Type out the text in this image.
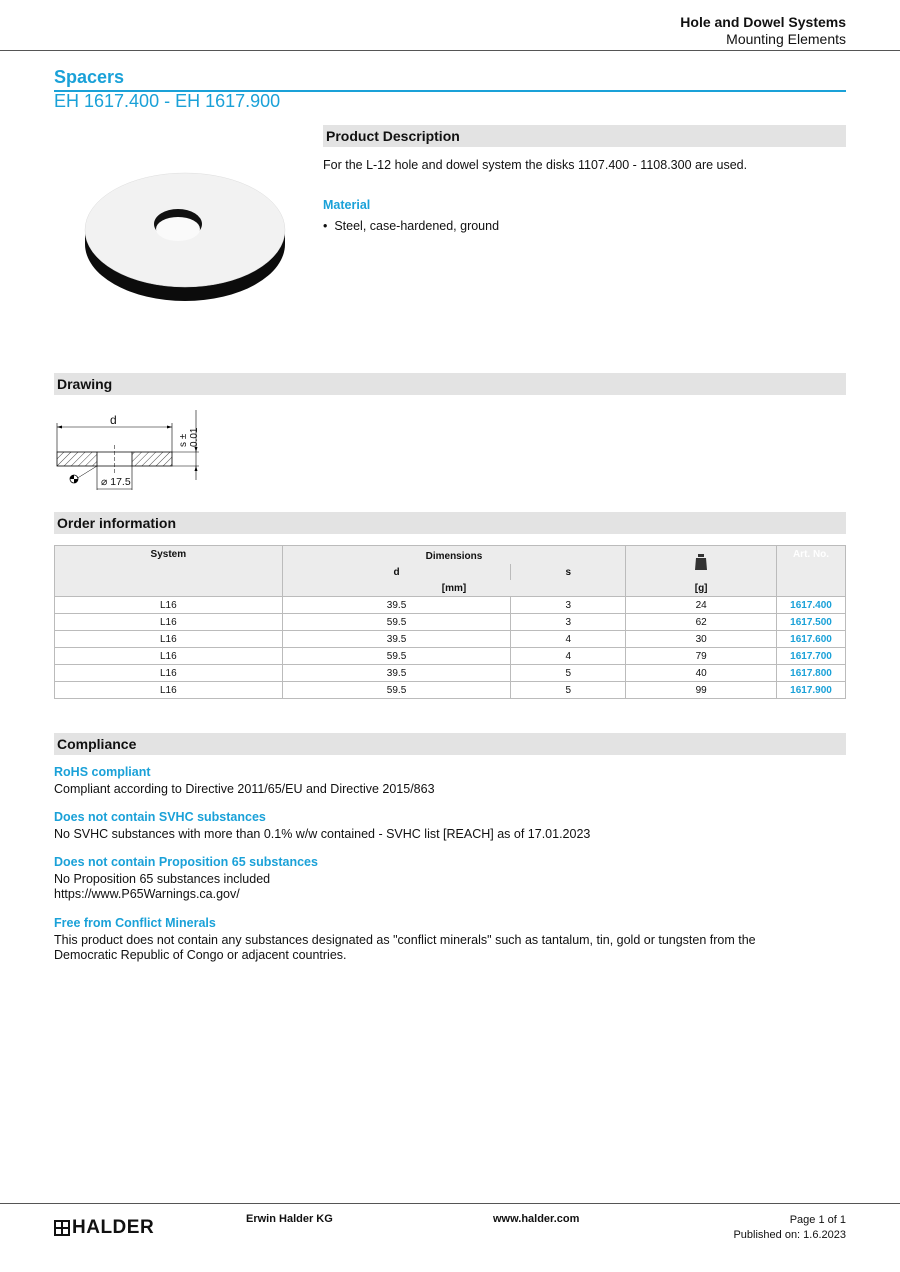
Hole and Dowel Systems
Mounting Elements
Spacers
EH 1617.400 - EH 1617.900
Product Description
For the L-12 hole and dowel system the disks 1107.400 - 1108.300 are used.
Material
• Steel, case-hardened, ground
Drawing
d
s ± 0.01
⌀ 17.5
Order information
System	Dimensions			Art. No.
	d	s		
	[mm]		[g]	
L16	39.5	3	24	1617.400
L16	59.5	3	62	1617.500
L16	39.5	4	30	1617.600
L16	59.5	4	79	1617.700
L16	39.5	5	40	1617.800
L16	59.5	5	99	1617.900
Compliance
RoHS compliant
Compliant according to Directive 2011/65/EU and Directive 2015/863
Does not contain SVHC substances
No SVHC substances with more than 0.1% w/w contained - SVHC list [REACH] as of 17.01.2023
Does not contain Proposition 65 substances
No Proposition 65 substances included
https://www.P65Warnings.ca.gov/
Free from Conflict Minerals
This product does not contain any substances designated as "conflict minerals" such as tantalum, tin, gold or tungsten from the Democratic Republic of Congo or adjacent countries.
HALDER	Erwin Halder KG	www.halder.com	Page 1 of 1
Published on: 1.6.2023
